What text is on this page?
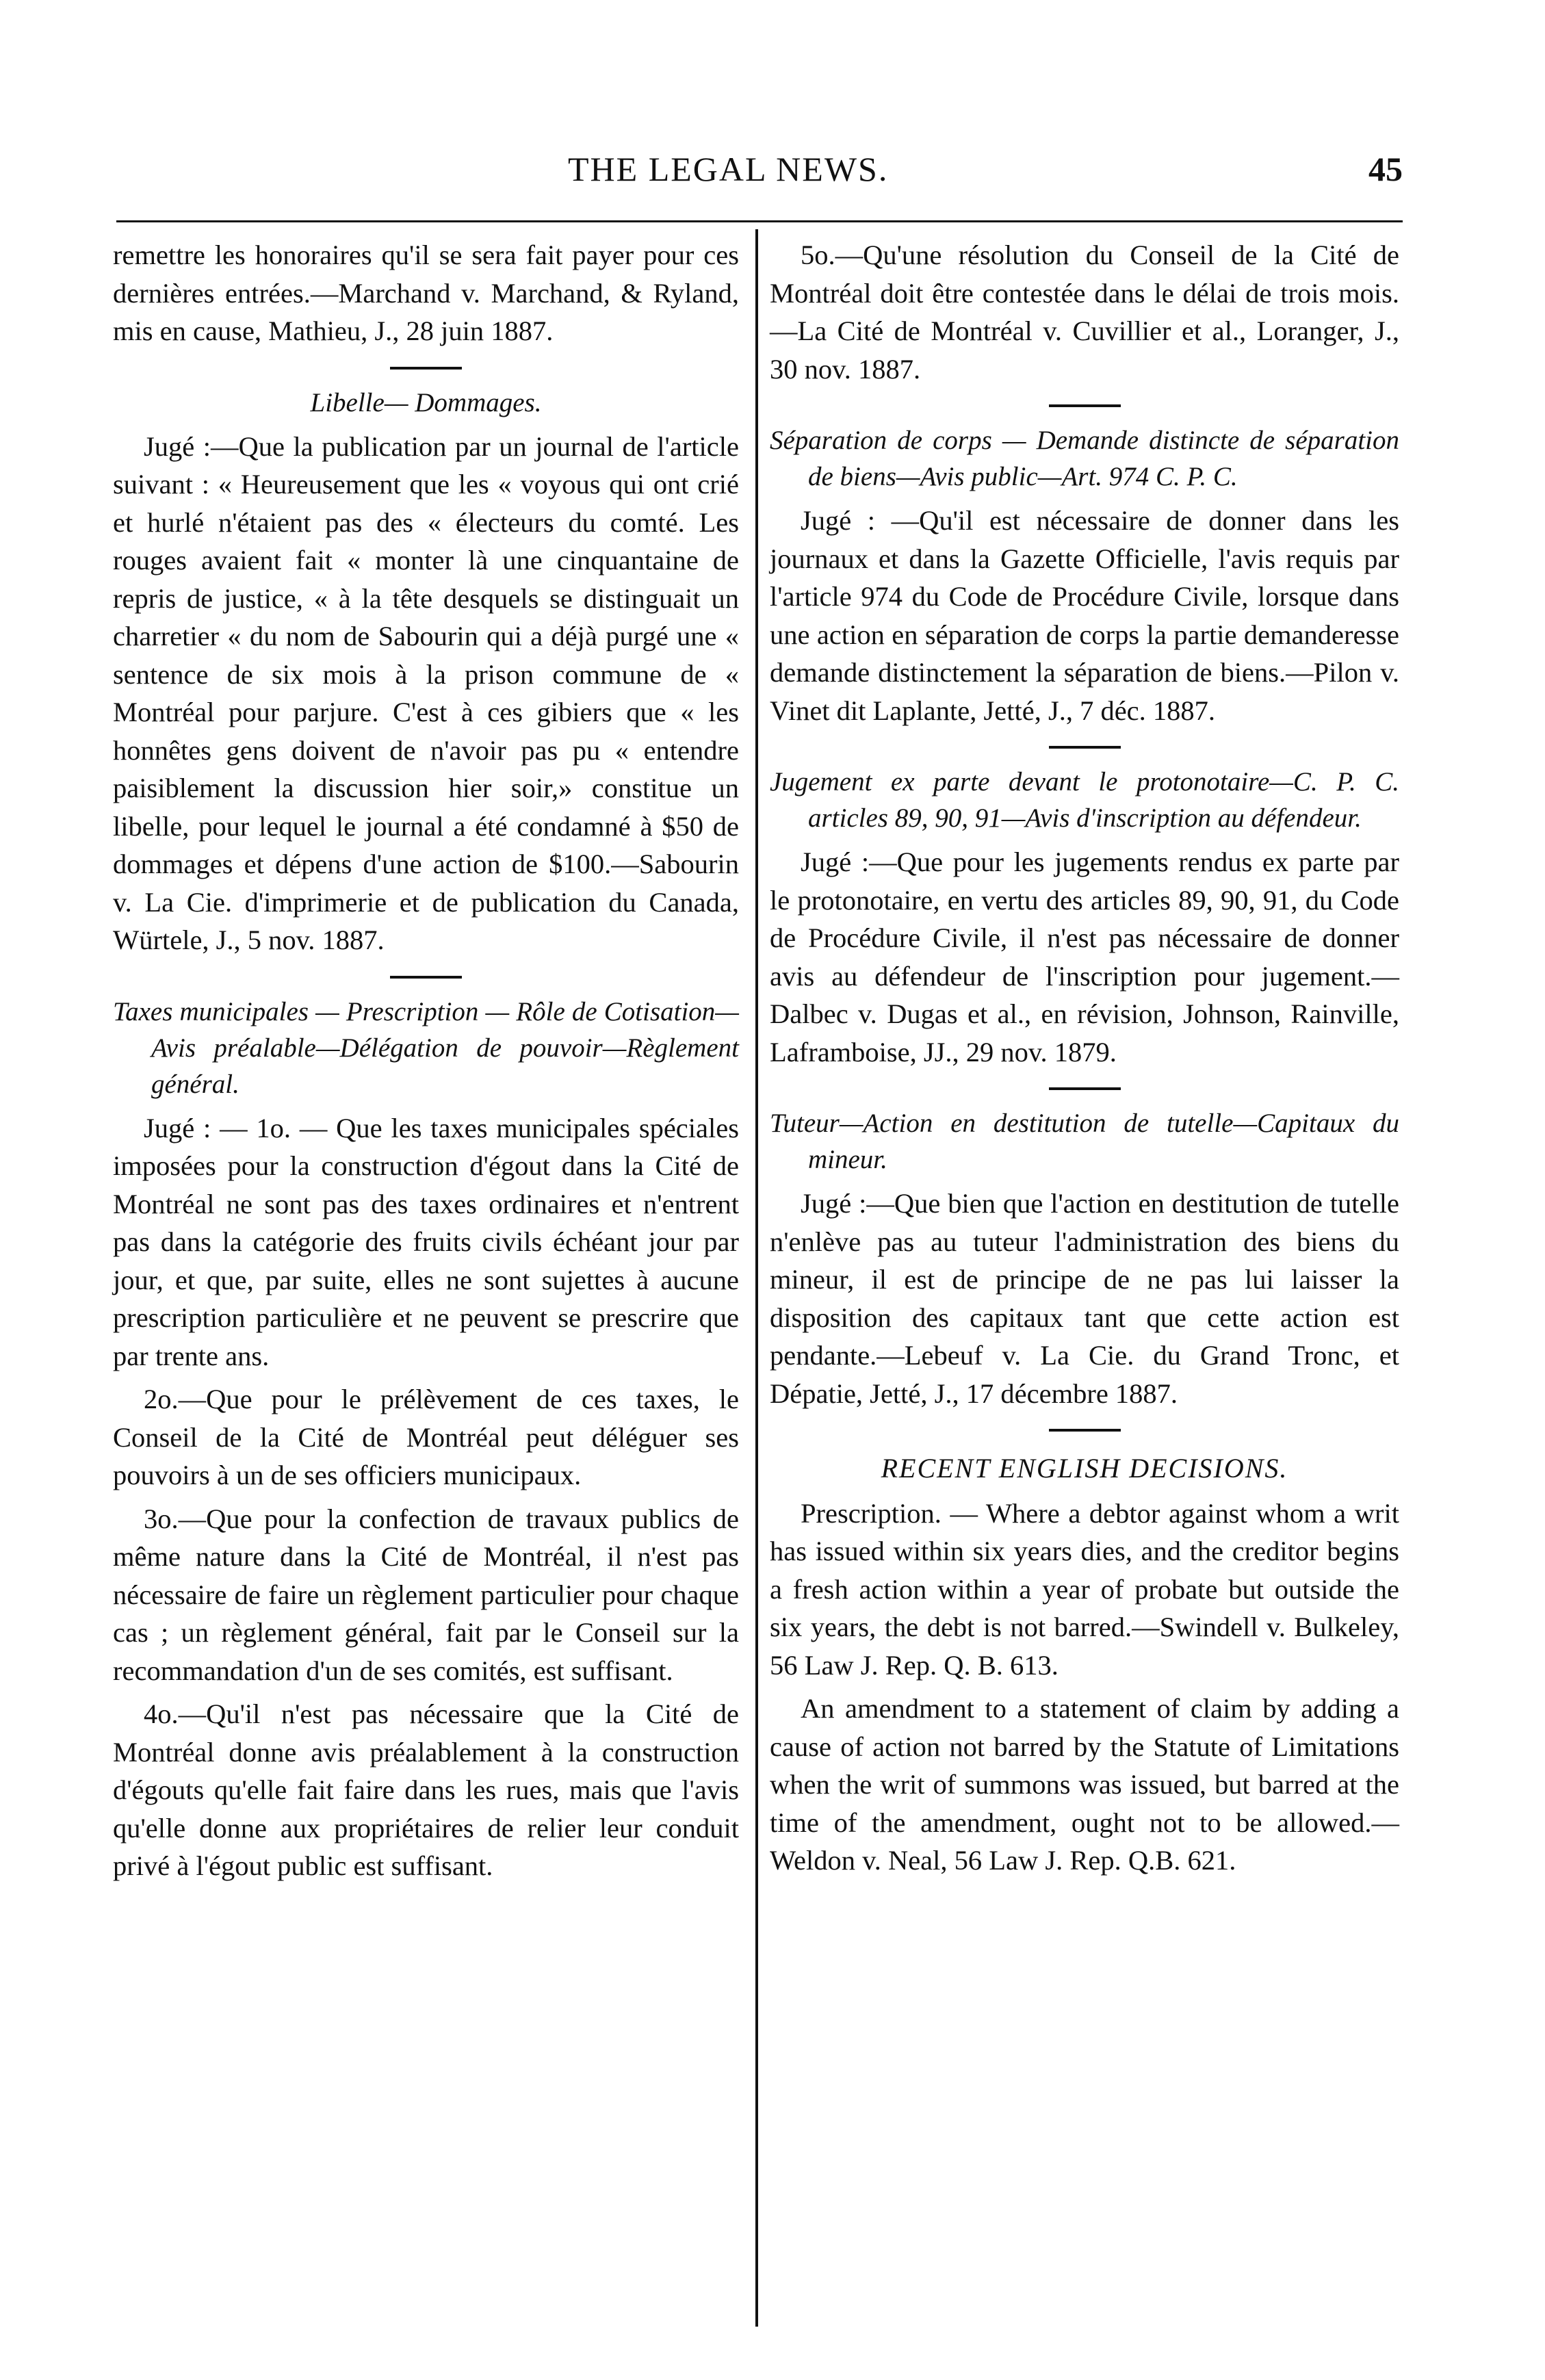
THE LEGAL NEWS.	45

remettre les honoraires qu'il se sera fait payer pour ces dernières entrées.—Marchand v. Marchand, & Ryland, mis en cause, Mathieu, J., 28 juin 1887.

Libelle— Dommages.

Jugé :—Que la publication par un journal de l'article suivant : « Heureusement que les « voyous qui ont crié et hurlé n'étaient pas des « électeurs du comté. Les rouges avaient fait « monter là une cinquantaine de repris de justice, « à la tête desquels se distinguait un charretier « du nom de Sabourin qui a déjà purgé une « sentence de six mois à la prison commune de « Montréal pour parjure. C'est à ces gibiers que « les honnêtes gens doivent de n'avoir pas pu « entendre paisiblement la discussion hier soir,» constitue un libelle, pour lequel le journal a été condamné à $50 de dommages et dépens d'une action de $100.—Sabourin v. La Cie. d'imprimerie et de publication du Canada, Würtele, J., 5 nov. 1887.

Taxes municipales — Prescription — Rôle de Cotisation—Avis préalable—Délégation de pouvoir—Règlement général.

Jugé : — 1o. — Que les taxes municipales spéciales imposées pour la construction d'égout dans la Cité de Montréal ne sont pas des taxes ordinaires et n'entrent pas dans la catégorie des fruits civils échéant jour par jour, et que, par suite, elles ne sont sujettes à aucune prescription particulière et ne peuvent se prescrire que par trente ans.

2o.—Que pour le prélèvement de ces taxes, le Conseil de la Cité de Montréal peut déléguer ses pouvoirs à un de ses officiers municipaux.

3o.—Que pour la confection de travaux publics de même nature dans la Cité de Montréal, il n'est pas nécessaire de faire un règlement particulier pour chaque cas ; un règlement général, fait par le Conseil sur la recommandation d'un de ses comités, est suffisant.

4o.—Qu'il n'est pas nécessaire que la Cité de Montréal donne avis préalablement à la construction d'égouts qu'elle fait faire dans les rues, mais que l'avis qu'elle donne aux propriétaires de relier leur conduit privé à l'égout public est suffisant.

5o.—Qu'une résolution du Conseil de la Cité de Montréal doit être contestée dans le délai de trois mois.—La Cité de Montréal v. Cuvillier et al., Loranger, J., 30 nov. 1887.

Séparation de corps — Demande distincte de séparation de biens—Avis public—Art. 974 C. P. C.

Jugé : —Qu'il est nécessaire de donner dans les journaux et dans la Gazette Officielle, l'avis requis par l'article 974 du Code de Procédure Civile, lorsque dans une action en séparation de corps la partie demanderesse demande distinctement la séparation de biens.—Pilon v. Vinet dit Laplante, Jetté, J., 7 déc. 1887.

Jugement ex parte devant le protonotaire—C. P. C. articles 89, 90, 91—Avis d'inscription au défendeur.

Jugé :—Que pour les jugements rendus ex parte par le protonotaire, en vertu des articles 89, 90, 91, du Code de Procédure Civile, il n'est pas nécessaire de donner avis au défendeur de l'inscription pour jugement.—Dalbec v. Dugas et al., en révision, Johnson, Rainville, Laframboise, JJ., 29 nov. 1879.

Tuteur—Action en destitution de tutelle—Capitaux du mineur.

Jugé :—Que bien que l'action en destitution de tutelle n'enlève pas au tuteur l'administration des biens du mineur, il est de principe de ne pas lui laisser la disposition des capitaux tant que cette action est pendante.—Lebeuf v. La Cie. du Grand Tronc, et Dépatie, Jetté, J., 17 décembre 1887.

RECENT ENGLISH DECISIONS.

Prescription. — Where a debtor against whom a writ has issued within six years dies, and the creditor begins a fresh action within a year of probate but outside the six years, the debt is not barred.—Swindell v. Bulkeley, 56 Law J. Rep. Q. B. 613.

An amendment to a statement of claim by adding a cause of action not barred by the Statute of Limitations when the writ of summons was issued, but barred at the time of the amendment, ought not to be allowed.—Weldon v. Neal, 56 Law J. Rep. Q.B. 621.
